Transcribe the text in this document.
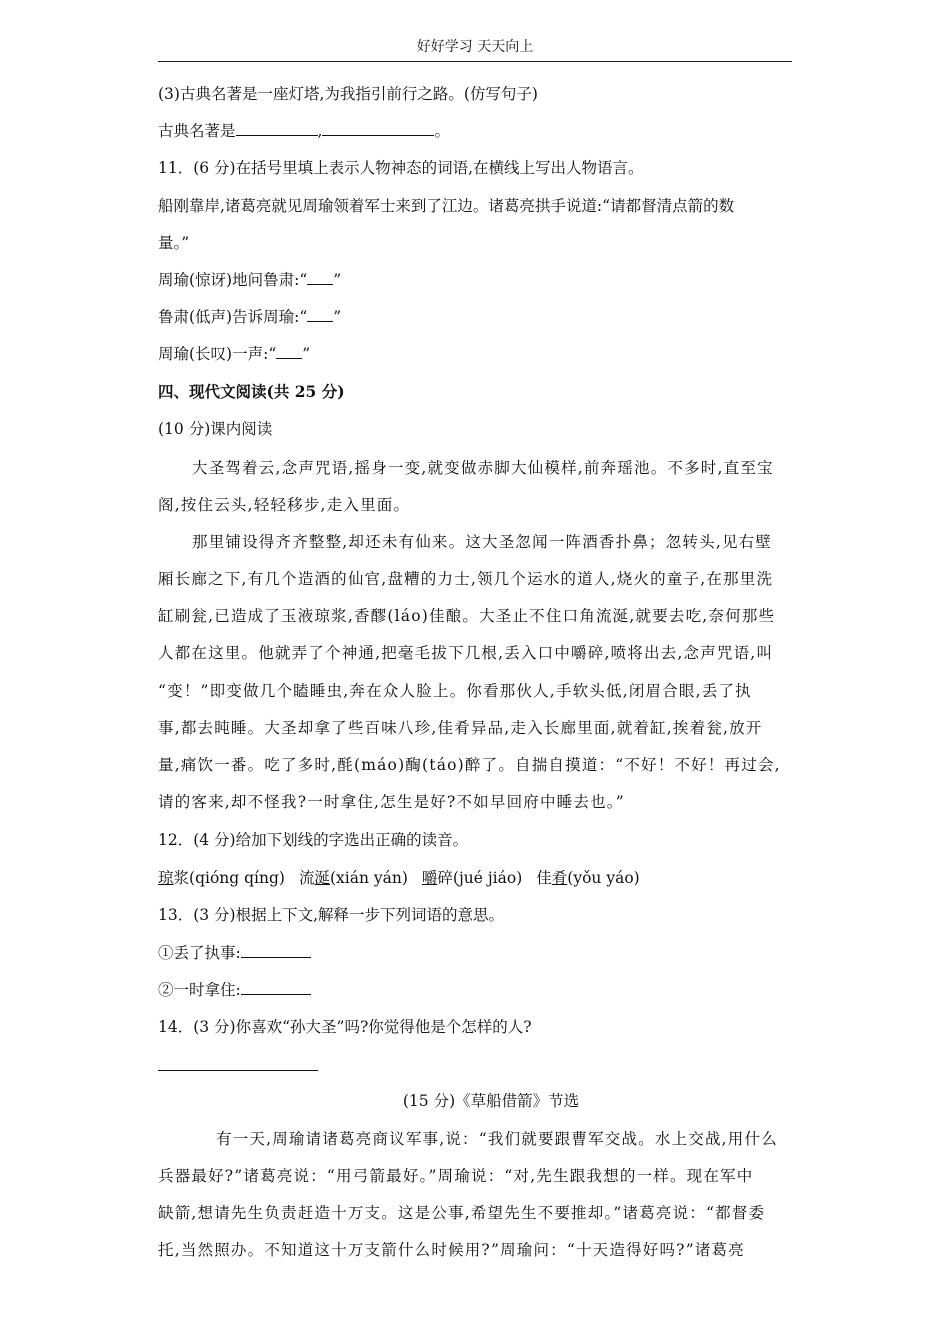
好好学习 天天向上
(3)古典名著是一座灯塔,为我指引前行之路。(仿写句子)
古典名著是	,	。
11．(6 分)在括号里填上表示人物神态的词语,在横线上写出人物语言。
船刚靠岸,诸葛亮就见周瑜领着军士来到了江边。诸葛亮拱手说道:“请都督清点箭的数
量。”
周瑜(惊讶)地问鲁肃:“ ”
鲁肃(低声)告诉周瑜:“ ”
周瑜(长叹)一声:“ ”
四、现代文阅读(共 25 分)
(10 分)课内阅读
大圣驾着云,念声咒语,摇身一变,就变做赤脚大仙模样,前奔瑶池。不多时,直至宝
阁,按住云头,轻轻移步,走入里面。
那里铺设得齐齐整整,却还未有仙来。这大圣忽闻一阵酒香扑鼻；忽转头,见右壁
厢长廊之下,有几个造酒的仙官,盘糟的力士,领几个运水的道人,烧火的童子,在那里洗
缸刷瓮,已造成了玉液琼浆,香醪(láo)佳酿。大圣止不住口角流涎,就要去吃,奈何那些
人都在这里。他就弄了个神通,把毫毛拔下几根,丢入口中嚼碎,喷将出去,念声咒语,叫
“变！”即变做几个瞌睡虫,奔在众人脸上。你看那伙人,手软头低,闭眉合眼,丢了执
事,都去盹睡。大圣却拿了些百味八珍,佳肴异品,走入长廊里面,就着缸,挨着瓮,放开
量,痛饮一番。吃了多时,酕(máo)醄(táo)醉了。自揣自摸道：“不好！不好！再过会,
请的客来,却不怪我?一时拿住,怎生是好?不如早回府中睡去也。”
12．(4 分)给加下划线的字选出正确的读音。
琼浆(qióng qíng) 流涎(xián yán) 嚼碎(jué jiáo) 佳肴(yǒu yáo)
13．(3 分)根据上下文,解释一步下列词语的意思。
①丢了执事:
②一时拿住:
14．(3 分)你喜欢“孙大圣”吗?你觉得他是个怎样的人?
(15 分)《草船借箭》节选
有一天,周瑜请诸葛亮商议军事,说：“我们就要跟曹军交战。水上交战,用什么
兵器最好?”诸葛亮说：“用弓箭最好。”周瑜说：“对,先生跟我想的一样。现在军中
缺箭,想请先生负责赶造十万支。这是公事,希望先生不要推却。”诸葛亮说：“都督委
托,当然照办。不知道这十万支箭什么时候用?”周瑜问：“十天造得好吗?”诸葛亮
